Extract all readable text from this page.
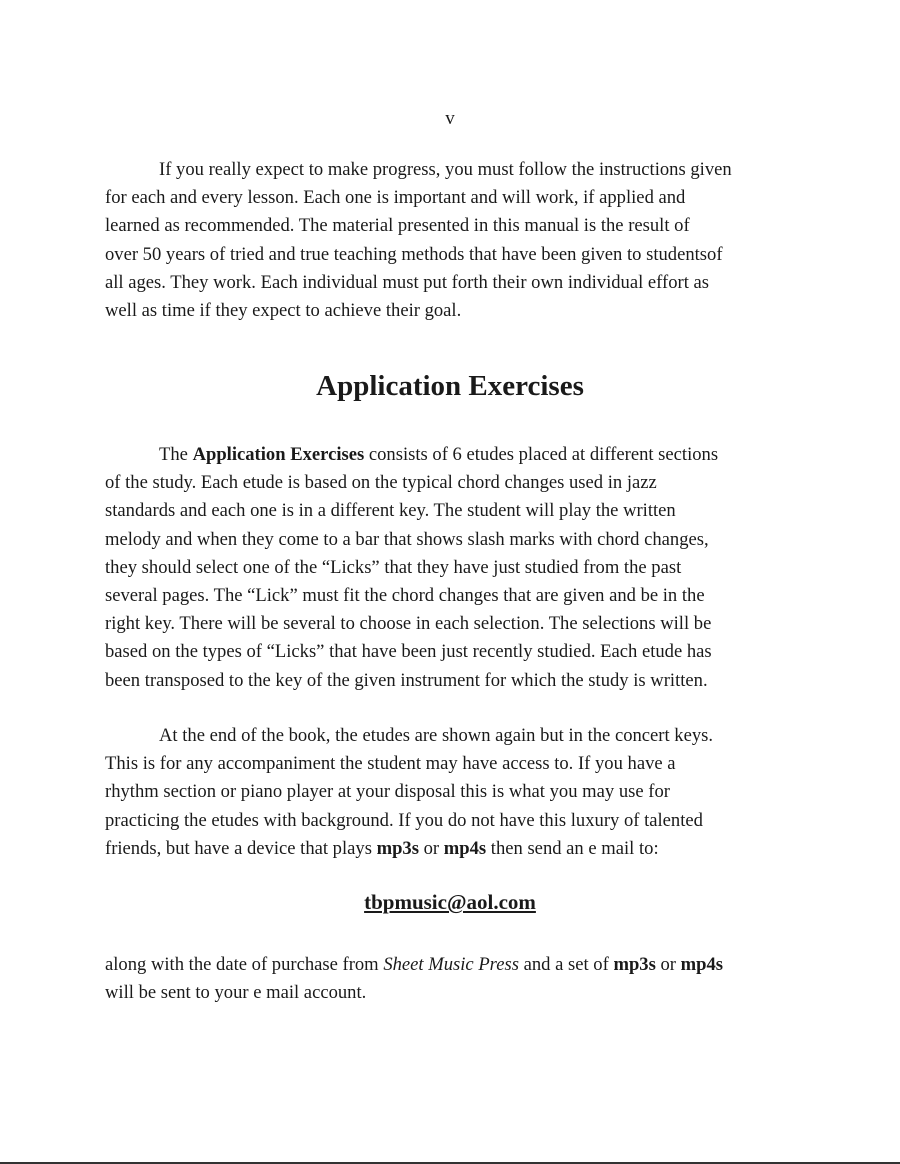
v

If you really expect to make progress, you must follow the instructions given
for each and every lesson. Each one is important and will work, if applied and
learned as recommended. The material presented in this manual is the result of
over 50 years of tried and true teaching methods that have been given to studentsof
all ages. They work. Each individual must put forth their own individual effort as
well as time if they expect to achieve their goal.

Application Exercises

The Application Exercises consists of 6 etudes placed at different sections
of the study. Each etude is based on the typical chord changes used in jazz
standards and each one is in a different key. The student will play the written
melody and when they come to a bar that shows slash marks with chord changes,
they should select one of the “Licks” that they have just studied from the past
several pages. The “Lick” must fit the chord changes that are given and be in the
right key. There will be several to choose in each selection. The selections will be
based on the types of “Licks” that have been just recently studied. Each etude has
been transposed to the key of the given instrument for which the study is written.

At the end of the book, the etudes are shown again but in the concert keys.
This is for any accompaniment the student may have access to. If you have a
rhythm section or piano player at your disposal this is what you may use for
practicing the etudes with background. If you do not have this luxury of talented
friends, but have a device that plays mp3s or mp4s then send an e mail to:

tbpmusic@aol.com

along with the date of purchase from Sheet Music Press and a set of mp3s or mp4s
will be sent to your e mail account.
